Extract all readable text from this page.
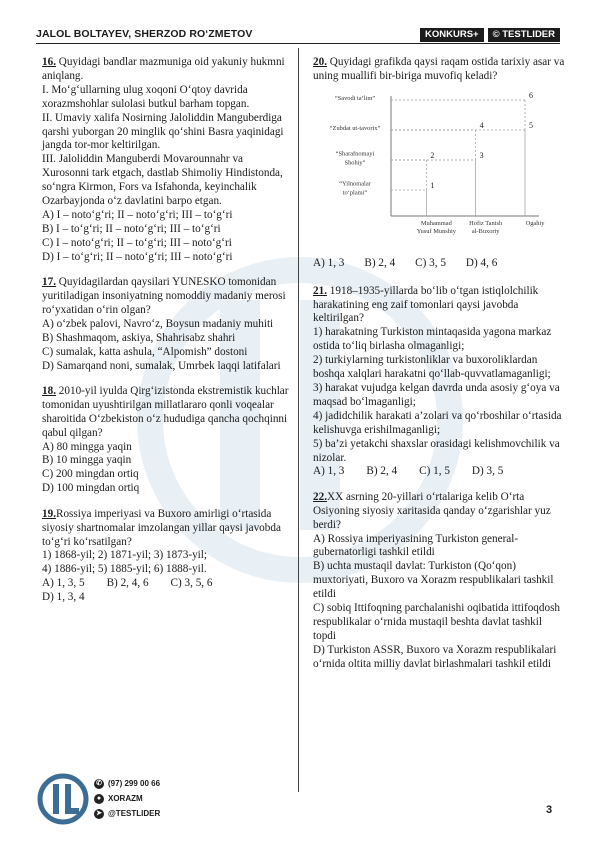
JALOL BOLTAYEV, SHERZOD RO‘ZMETOV	KONKURS+	© TESTLIDER

16. Quyidagi bandlar mazmuniga oid yakuniy hukmni aniqlang.

I. Mo‘g‘ullarning ulug xoqoni O‘qtoy davrida xorazmshohlar sulolasi butkul barham topgan.

II. Umaviy xalifa Nosirning Jaloliddin Manguberdiga qarshi yuborgan 20 minglik qo‘shini Basra yaqinidagi jangda tor-mor keltirilgan.

III. Jaloliddin Manguberdi Movarounnahr va Xurosonni tark etgach, dastlab Shimoliy Hindistonda, so‘ngra Kirmon, Fors va Isfahonda, keyinchalik Ozarbayjonda o‘z davlatini barpo etgan.

A) I – noto‘g‘ri; II – noto‘g‘ri; III – to‘g‘ri

B) I – to‘g‘ri; II – noto‘g‘ri; III – to‘g‘ri

C) I – noto‘g‘ri; II – to‘g‘ri; III – noto‘g‘ri

D) I – to‘g‘ri; II – noto‘g‘ri; III – noto‘g‘ri

17. Quyidagilardan qaysilari YUNESKO tomonidan yuritiladigan insoniyatning nomoddiy madaniy merosi ro‘yxatidan o‘rin olgan?

A) o‘zbek palovi, Navro‘z, Boysun madaniy muhiti

B) Shashmaqom, askiya, Shahrisabz shahri

C) sumalak, katta ashula, “Alpomish” dostoni

D) Samarqand noni, sumalak, Umrbek laqqi latifalari

18. 2010-yil iyulda Qirg‘izistonda ekstremistik kuchlar tomonidan uyushtirilgan millatlararo qonli voqealar sharoitida O‘zbekiston o‘z hududiga qancha qochqinni qabul qilgan?

A) 80 mingga yaqin

B) 10 mingga yaqin

C) 200 mingdan ortiq

D) 100 mingdan ortiq

19.Rossiya imperiyasi va Buxoro amirligi o‘rtasida siyosiy shartnomalar imzolangan yillar qaysi javobda to‘g‘ri ko‘rsatilgan?

1) 1868-yil; 2) 1871-yil; 3) 1873-yil;

4) 1886-yil; 5) 1885-yil; 6) 1888-yil.

A) 1, 3, 5 B) 2, 4, 6 C) 3, 5, 6

D) 1, 3, 4

20. Quyidagi grafikda qaysi raqam ostida tarixiy asar va uning muallifi bir-biriga muvofiq keladi?

“Savodi ta’lim”
“Zubdat ut-tavorix”
“Sharafnomayi
Shohiy”
“Yilnomalar
to‘plami”
Muhammad
Yusuf Munshiy
Hofiz Tanish
al-Buxoriy
Ogahiy
1
2	3
4	5
6
A) 1, 3 B) 2, 4 C) 3, 5 D) 4, 6

21. 1918–1935-yillarda bo‘lib o‘tgan istiqlolchilik harakatining eng zaif tomonlari qaysi javobda keltirilgan?

1) harakatning Turkiston mintaqasida yagona markaz ostida to‘liq birlasha olmaganligi;

2) turkiylarning turkistonliklar va buxoroliklardan boshqa xalqlari harakatni qo‘llab-quvvatlamaganligi;

3) harakat vujudga kelgan davrda unda asosiy g‘oya va maqsad bo‘lmaganligi;

4) jadidchilik harakati a’zolari va qo‘rboshilar o‘rtasida kelishuvga erishilmaganligi;

5) ba’zi yetakchi shaxslar orasidagi kelishmovchilik va nizolar.

A) 1, 3 B) 2, 4 C) 1, 5 D) 3, 5

22.XX asrning 20-yillari o‘rtalariga kelib O‘rta Osiyoning siyosiy xaritasida qanday o‘zgarishlar yuz berdi?

A) Rossiya imperiyasining Turkiston general-gubernatorligi tashkil etildi

B) uchta mustaqil davlat: Turkiston (Qo‘qon) muxtoriyati, Buxoro va Xorazm respublikalari tashkil etildi

C) sobiq Ittifoqning parchalanishi oqibatida ittifoqdosh respublikalar o‘rnida mustaqil beshta davlat tashkil topdi

D) Turkiston ASSR, Buxoro va Xorazm respublikalari o‘rnida oltita milliy davlat birlashmalari tashkil etildi

✆ (97) 299 00 66
● XORAZM
➤ @TESTLIDER	3
